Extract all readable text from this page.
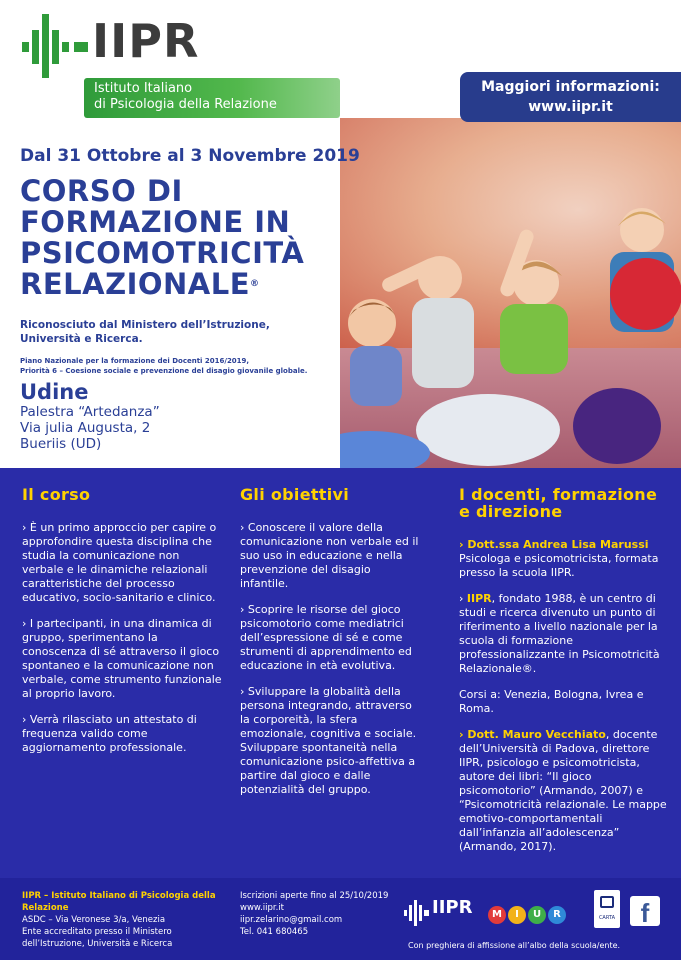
IIPR
Istituto Italiano
di Psicologia della Relazione
Maggiori informazioni:
www.iipr.it
Dal 31 Ottobre al 3 Novembre 2019
CORSO DI
FORMAZIONE IN
PSICOMOTRICITÀ
RELAZIONALE®
Riconosciuto dal Ministero dell’Istruzione,
Università e Ricerca.
Piano Nazionale per la formazione dei Docenti 2016/2019,
Priorità 6 – Coesione sociale e prevenzione del disagio giovanile globale.
Udine
Palestra “Artedanza”
Via julia Augusta, 2
Bueriis (UD)
Il corso

› È un primo approccio per capire o approfondire questa disciplina che studia la comunicazione non verbale e le dinamiche relazionali caratteristiche del processo educativo, socio-sanitario e clinico.

› I partecipanti, in una dinamica di gruppo, sperimentano la conoscenza di sé attraverso il gioco spontaneo e la comunicazione non verbale, come strumento funzionale al proprio lavoro.

› Verrà rilasciato un attestato di frequenza valido come aggiornamento professionale.

Gli obiettivi

› Conoscere il valore della comunicazione non verbale ed il suo uso in educazione e nella prevenzione del disagio infantile.

› Scoprire le risorse del gioco psicomotorio come mediatrici dell’espressione di sé e come strumenti di apprendimento ed educazione in età evolutiva.

› Sviluppare la globalità della persona integrando, attraverso la corporeità, la sfera emozionale, cognitiva e sociale. Sviluppare spontaneità nella comunicazione psico-affettiva a partire dal gioco e dalle potenzialità del gruppo.

I docenti, formazione
e direzione

› Dott.ssa Andrea Lisa Marussi
Psicologa e psicomotricista, formata presso la scuola IIPR.

› IIPR, fondato 1988, è un centro di studi e ricerca divenuto un punto di riferimento a livello nazionale per la scuola di formazione professionalizzante in Psicomotricità Relazionale®.

Corsi a: Venezia, Bologna, Ivrea e Roma.

› Dott. Mauro Vecchiato, docente dell’Università di Padova, direttore IIPR, psicologo e psicomotricista, autore dei libri: “Il gioco psicomotorio” (Armando, 2007) e “Psicomotricità relazionale. Le mappe emotivo-comportamentali dall’infanzia all’adolescenza” (Armando, 2017).

IIPR – Istituto Italiano di Psicologia della Relazione
ASDC – Via Veronese 3/a, Venezia
Ente accreditato presso il Ministero
dell’Istruzione, Università e Ricerca
Iscrizioni aperte fino al 25/10/2019
www.iipr.it
iipr.zelarino@gmail.com
Tel. 041 680465
IIPR	M	I	U	R	CARTA f
Con preghiera di affissione all’albo della scuola/ente.
